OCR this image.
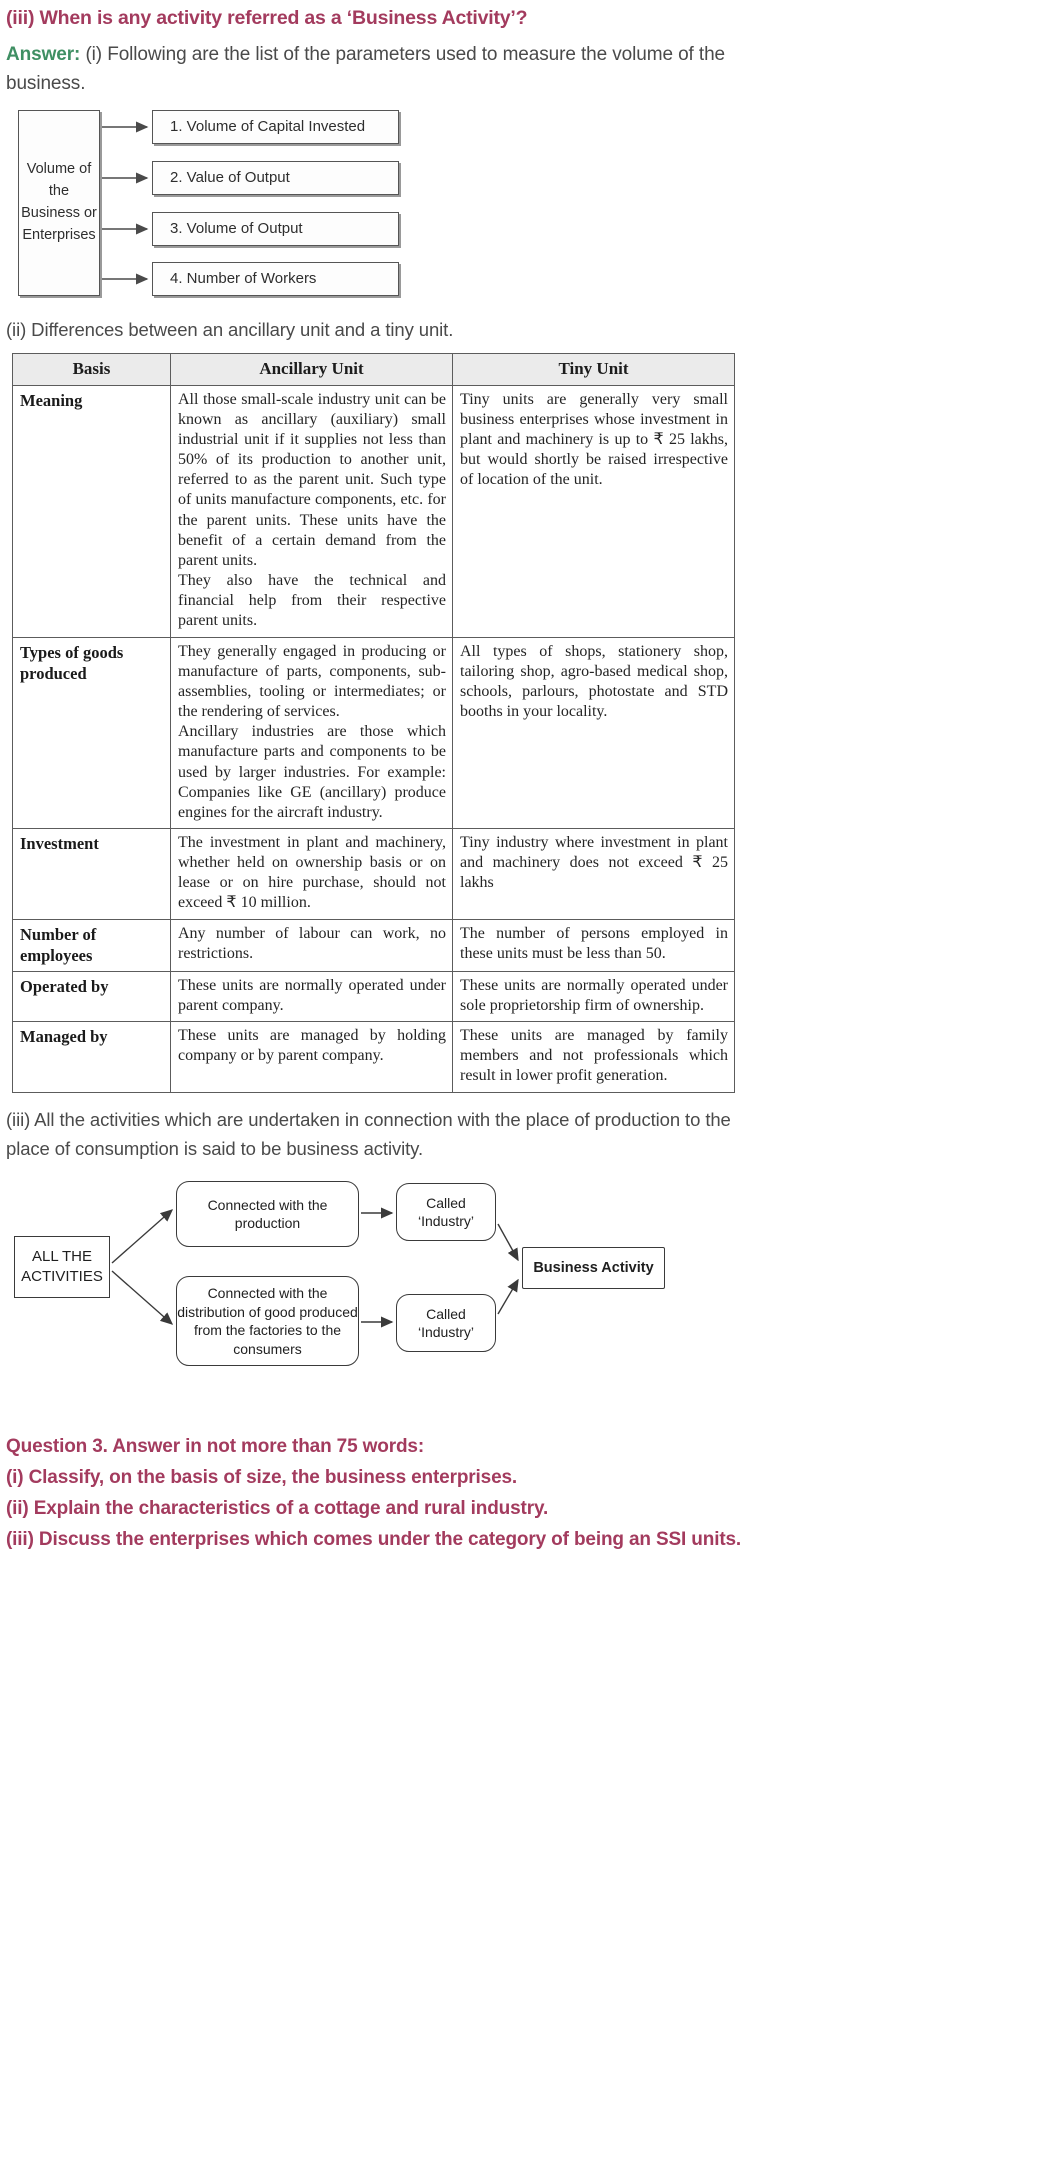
(iii) When is any activity referred as a ‘Business Activity’?
Answer: (i) Following are the list of the parameters used to measure the volume of the
business.
Volume of the Business or Enterprises
1. Volume of Capital Invested
2. Value of Output
3. Volume of Output
4. Number of Workers
(ii) Differences between an ancillary unit and a tiny unit.
Basis	Ancillary Unit	Tiny Unit
Meaning	All those small-scale industry unit can be known as ancillary (auxiliary) small industrial unit if it supplies not less than 50% of its production to another unit, referred to as the parent unit. Such type of units manufacture components, etc. for the parent units. These units have the benefit of a certain demand from the parent units.

They also have the technical and financial help from their respective parent units.	Tiny units are generally very small business enterprises whose investment in plant and machinery is up to ₹ 25 lakhs, but would shortly be raised irrespective of location of the unit.
Types of goods produced	They generally engaged in producing or manufacture of parts, components, sub-assemblies, tooling or intermediates; or the rendering of services.

Ancillary industries are those which manufacture parts and components to be used by larger industries. For example: Companies like GE (ancillary) produce engines for the aircraft industry.	All types of shops, stationery shop, tailoring shop, agro-based medical shop, schools, parlours, photostate and STD booths in your locality.
Investment	The investment in plant and machinery, whether held on ownership basis or on lease or on hire purchase, should not exceed ₹ 10 million.	Tiny industry where investment in plant and machinery does not exceed ₹ 25 lakhs
Number of employees	Any number of labour can work, no restrictions.	The number of persons employed in these units must be less than 50.
Operated by	These units are normally operated under parent company.	These units are normally operated under sole proprietorship firm of ownership.
Managed by	These units are managed by holding company or by parent company.	These units are managed by family members and not professionals which result in lower profit generation.
(iii) All the activities which are undertaken in connection with the place of production to the
place of consumption is said to be business activity.
ALL THE ACTIVITIES
Connected with the production
Connected with the distribution of good produced from the factories to the consumers
Called ‘Industry’
Called ‘Industry’
Business Activity
Question 3. Answer in not more than 75 words:
(i) Classify, on the basis of size, the business enterprises.
(ii) Explain the characteristics of a cottage and rural industry.
(iii) Discuss the enterprises which comes under the category of being an SSI units.
